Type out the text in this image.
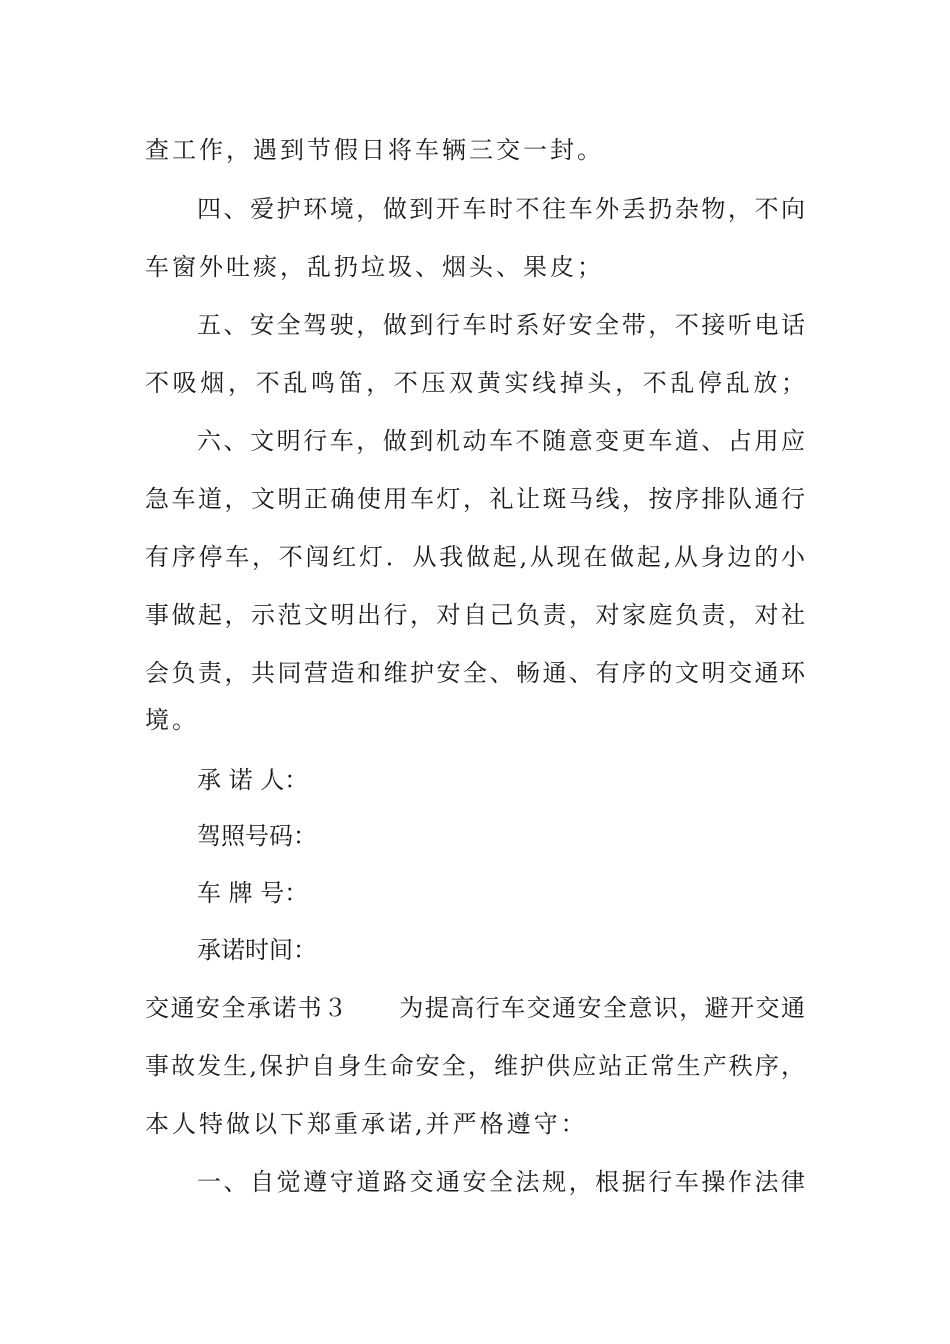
查工作，遇到节假日将车辆三交一封。
四、爱护环境，做到开车时不往车外丢扔杂物，不向
车窗外吐痰，乱扔垃圾、烟头、果皮；
五、安全驾驶，做到行车时系好安全带，不接听电话
不吸烟，不乱鸣笛，不压双黄实线掉头，不乱停乱放；
六、文明行车，做到机动车不随意变更车道、占用应
急车道，文明正确使用车灯，礼让斑马线，按序排队通行
有序停车，不闯红灯．从我做起,从现在做起,从身边的小
事做起，示范文明出行，对自己负责，对家庭负责，对社
会负责，共同营造和维护安全、畅通、有序的文明交通环
境。
承 诺 人：
驾照号码：
车 牌 号：
承诺时间：
交通安全承诺书３　　为提高行车交通安全意识，避开交通
事故发生,保护自身生命安全，维护供应站正常生产秩序，
本人特做以下郑重承诺,并严格遵守：
一、自觉遵守道路交通安全法规，根据行车操作法律
